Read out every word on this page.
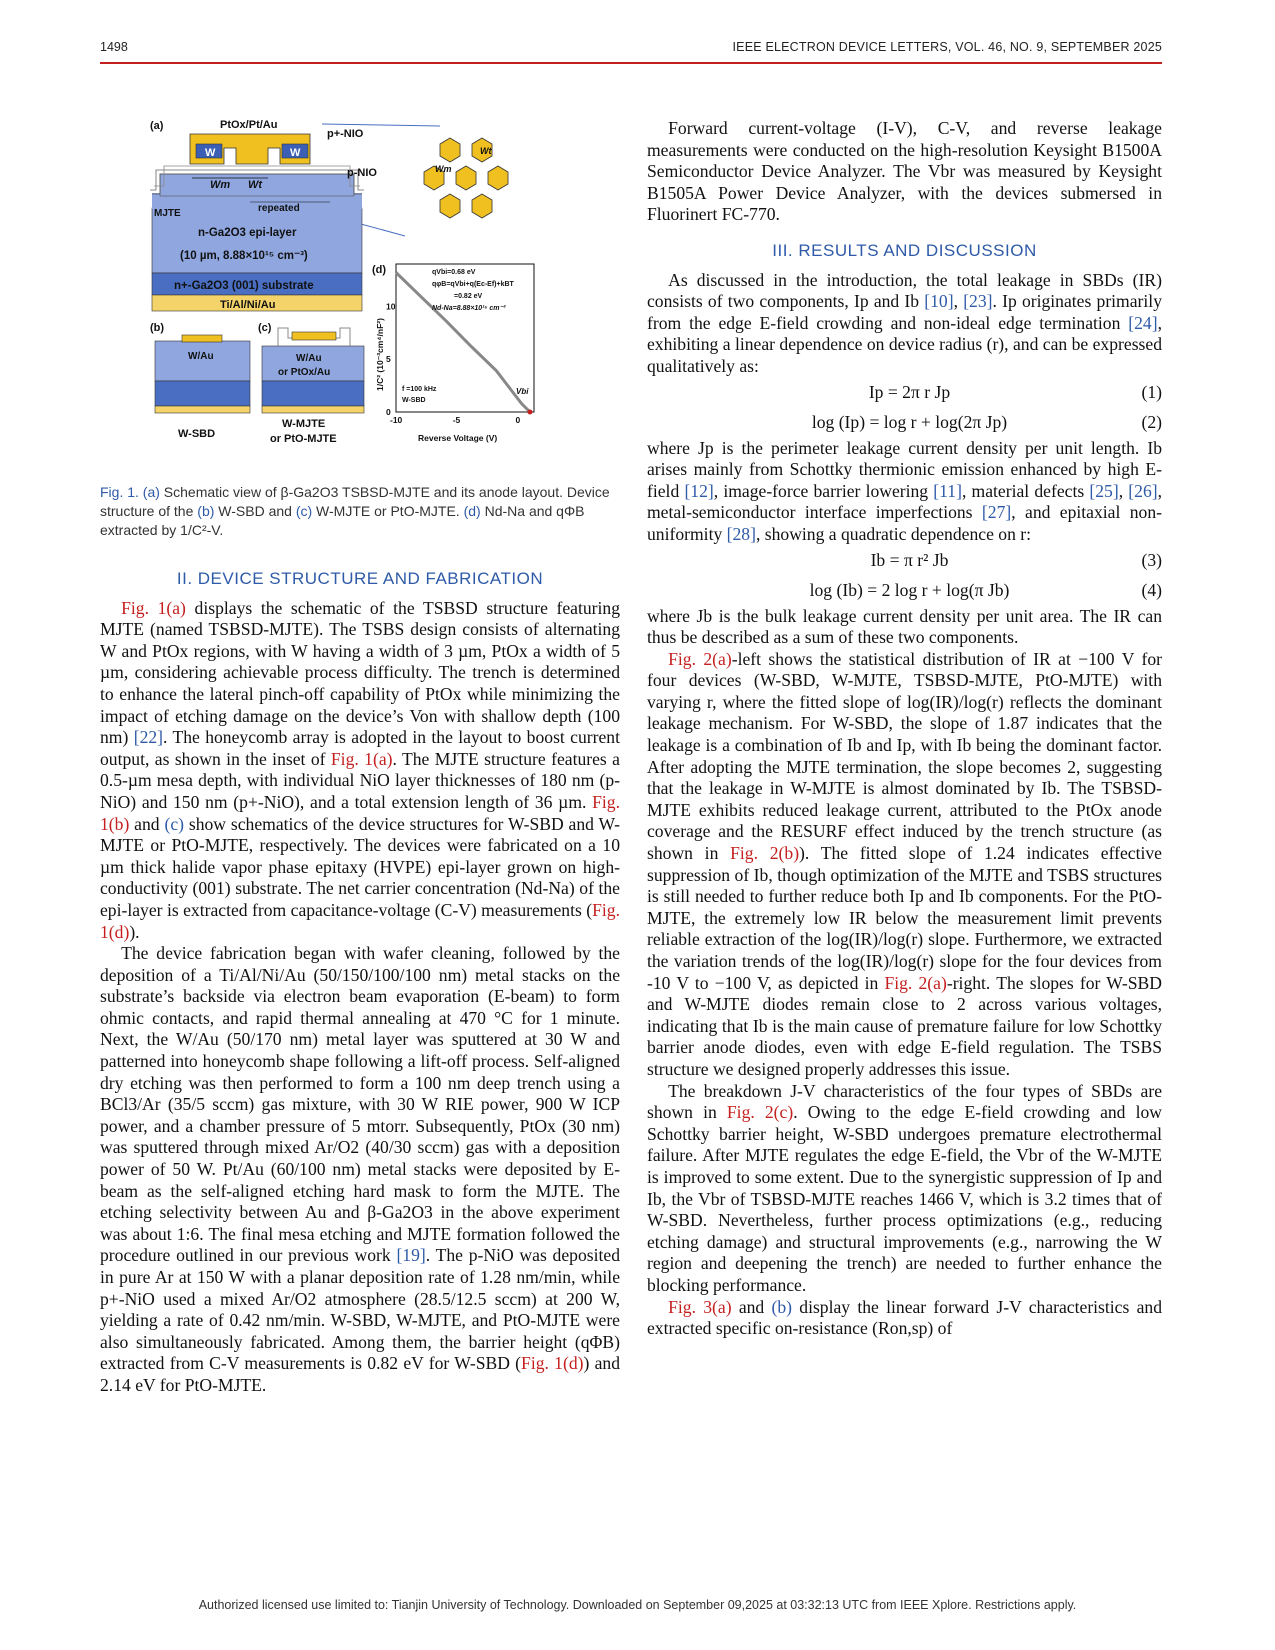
1498	IEEE ELECTRON DEVICE LETTERS, VOL. 46, NO. 9, SEPTEMBER 2025
(a)
W	W
PtOx/Pt/Au
p+-NIO
p-NIO
Wm Wt
MJTE	repeated
n-Ga2O3 epi-layer
(10 µm, 8.88×10¹⁵ cm⁻³)
n+-Ga2O3 (001) substrate
Ti/Al/Ni/Au
Wt
Wm
(b)
W/Au
W-SBD
(c)
W/Au
or PtOx/Au
W-MJTE
or PtO-MJTE
(d)	qVbi=0.68 eV
qφB=qVbi+q(Ec-Ef)+kBT
=0.82 eV
Nd-Na=8.88×10¹⁵ cm⁻³
f =100 kHz
W-SBD
Vbi
-10	-5	0
0
5
10
Reverse Voltage (V)
1/C² (10⁻³cm⁴/nF²)
Fig. 1. (a) Schematic view of β-Ga2O3 TSBSD-MJTE and its anode layout. Device structure of the (b) W-SBD and (c) W-MJTE or PtO-MJTE. (d) Nd-Na and qΦB extracted by 1/C²-V.
II. DEVICE STRUCTURE AND FABRICATION

Fig. 1(a) displays the schematic of the TSBSD structure featuring MJTE (named TSBSD-MJTE). The TSBS design consists of alternating W and PtOx regions, with W having a width of 3 µm, PtOx a width of 5 µm, considering achievable process difficulty. The trench is determined to enhance the lateral pinch-off capability of PtOx while minimizing the impact of etching damage on the device’s Von with shallow depth (100 nm) [22]. The honeycomb array is adopted in the layout to boost current output, as shown in the inset of Fig. 1(a). The MJTE structure features a 0.5-µm mesa depth, with individual NiO layer thicknesses of 180 nm (p-NiO) and 150 nm (p+-NiO), and a total extension length of 36 µm. Fig. 1(b) and (c) show schematics of the device structures for W-SBD and W-MJTE or PtO-MJTE, respectively. The devices were fabricated on a 10 µm thick halide vapor phase epitaxy (HVPE) epi-layer grown on high-conductivity (001) substrate. The net carrier concentration (Nd-Na) of the epi-layer is extracted from capacitance-voltage (C-V) measurements (Fig. 1(d)).

The device fabrication began with wafer cleaning, followed by the deposition of a Ti/Al/Ni/Au (50/150/100/100 nm) metal stacks on the substrate’s backside via electron beam evaporation (E-beam) to form ohmic contacts, and rapid thermal annealing at 470 °C for 1 minute. Next, the W/Au (50/170 nm) metal layer was sputtered at 30 W and patterned into honeycomb shape following a lift-off process. Self-aligned dry etching was then performed to form a 100 nm deep trench using a BCl3/Ar (35/5 sccm) gas mixture, with 30 W RIE power, 900 W ICP power, and a chamber pressure of 5 mtorr. Subsequently, PtOx (30 nm) was sputtered through mixed Ar/O2 (40/30 sccm) gas with a deposition power of 50 W. Pt/Au (60/100 nm) metal stacks were deposited by E-beam as the self-aligned etching hard mask to form the MJTE. The etching selectivity between Au and β-Ga2O3 in the above experiment was about 1:6. The final mesa etching and MJTE formation followed the procedure outlined in our previous work [19]. The p-NiO was deposited in pure Ar at 150 W with a planar deposition rate of 1.28 nm/min, while p+-NiO used a mixed Ar/O2 atmosphere (28.5/12.5 sccm) at 200 W, yielding a rate of 0.42 nm/min. W-SBD, W-MJTE, and PtO-MJTE were also simultaneously fabricated. Among them, the barrier height (qΦB) extracted from C-V measurements is 0.82 eV for W-SBD (Fig. 1(d)) and 2.14 eV for PtO-MJTE.

Forward current-voltage (I-V), C-V, and reverse leakage measurements were conducted on the high-resolution Keysight B1500A Semiconductor Device Analyzer. The Vbr was measured by Keysight B1505A Power Device Analyzer, with the devices submersed in Fluorinert FC-770.

III. RESULTS AND DISCUSSION

As discussed in the introduction, the total leakage in SBDs (IR) consists of two components, Ip and Ib [10], [23]. Ip originates primarily from the edge E-field crowding and non-ideal edge termination [24], exhibiting a linear dependence on device radius (r), and can be expressed qualitatively as:

Ip = 2π r Jp	(1)
log (Ip) = log r + log(2π Jp)	(2)

where Jp is the perimeter leakage current density per unit length. Ib arises mainly from Schottky thermionic emission enhanced by high E-field [12], image-force barrier lowering [11], material defects [25], [26], metal-semiconductor interface imperfections [27], and epitaxial non-uniformity [28], showing a quadratic dependence on r:

Ib = π r² Jb	(3)
log (Ib) = 2 log r + log(π Jb)	(4)

where Jb is the bulk leakage current density per unit area. The IR can thus be described as a sum of these two components.

Fig. 2(a)-left shows the statistical distribution of IR at −100 V for four devices (W-SBD, W-MJTE, TSBSD-MJTE, PtO-MJTE) with varying r, where the fitted slope of log(IR)/log(r) reflects the dominant leakage mechanism. For W-SBD, the slope of 1.87 indicates that the leakage is a combination of Ib and Ip, with Ib being the dominant factor. After adopting the MJTE termination, the slope becomes 2, suggesting that the leakage in W-MJTE is almost dominated by Ib. The TSBSD-MJTE exhibits reduced leakage current, attributed to the PtOx anode coverage and the RESURF effect induced by the trench structure (as shown in Fig. 2(b)). The fitted slope of 1.24 indicates effective suppression of Ib, though optimization of the MJTE and TSBS structures is still needed to further reduce both Ip and Ib components. For the PtO-MJTE, the extremely low IR below the measurement limit prevents reliable extraction of the log(IR)/log(r) slope. Furthermore, we extracted the variation trends of the log(IR)/log(r) slope for the four devices from -10 V to −100 V, as depicted in Fig. 2(a)-right. The slopes for W-SBD and W-MJTE diodes remain close to 2 across various voltages, indicating that Ib is the main cause of premature failure for low Schottky barrier anode diodes, even with edge E-field regulation. The TSBS structure we designed properly addresses this issue.

The breakdown J-V characteristics of the four types of SBDs are shown in Fig. 2(c). Owing to the edge E-field crowding and low Schottky barrier height, W-SBD undergoes premature electrothermal failure. After MJTE regulates the edge E-field, the Vbr of the W-MJTE is improved to some extent. Due to the synergistic suppression of Ip and Ib, the Vbr of TSBSD-MJTE reaches 1466 V, which is 3.2 times that of W-SBD. Nevertheless, further process optimizations (e.g., reducing etching damage) and structural improvements (e.g., narrowing the W region and deepening the trench) are needed to further enhance the blocking performance.

Fig. 3(a) and (b) display the linear forward J-V characteristics and extracted specific on-resistance (Ron,sp) of

Authorized licensed use limited to: Tianjin University of Technology. Downloaded on September 09,2025 at 03:32:13 UTC from IEEE Xplore. Restrictions apply.
